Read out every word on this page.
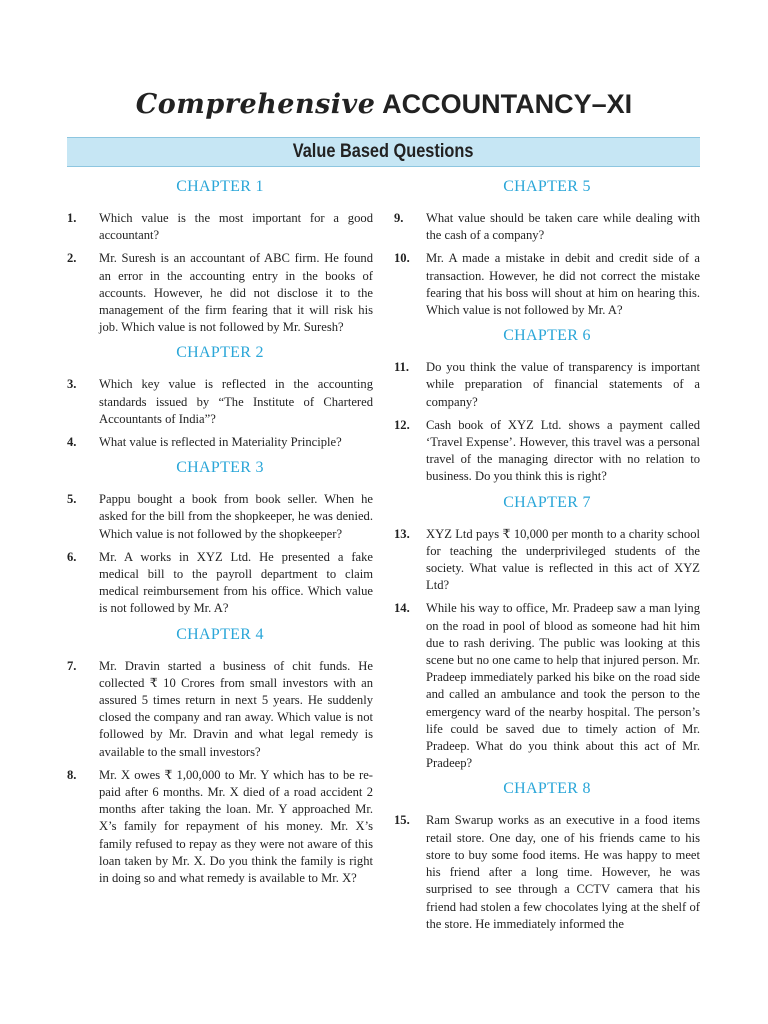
Comprehensive ACCOUNTANCY–XI
Value Based Questions
CHAPTER 1
1.	Which value is the most important for a good accountant?
2.	Mr. Suresh is an accountant of ABC firm. He found an error in the accounting entry in the books of accounts. However, he did not disclose it to the management of the firm fearing that it will risk his job. Which value is not followed by Mr. Suresh?
CHAPTER 2
3.	Which key value is reflected in the accounting standards issued by “The Institute of Chartered Accountants of India”?
4.	What value is reflected in Materiality Principle?
CHAPTER 3
5.	Pappu bought a book from book seller. When he asked for the bill from the shopkeeper, he was denied. Which value is not followed by the shopkeeper?
6.	Mr. A works in XYZ Ltd. He presented a fake medical bill to the payroll department to claim medical reimbursement from his office. Which value is not followed by Mr. A?
CHAPTER 4
7.	Mr. Dravin started a business of chit funds. He collected ₹ 10 Crores from small investors with an assured 5 times return in next 5 years. He suddenly closed the company and ran away. Which value is not followed by Mr. Dravin and what legal remedy is available to the small investors?
8.	Mr. X owes ₹ 1,00,000 to Mr. Y which has to be re-paid after 6 months. Mr. X died of a road accident 2 months after taking the loan. Mr. Y approached Mr. X’s family for repayment of his money. Mr. X’s family refused to repay as they were not aware of this loan taken by Mr. X. Do you think the family is right in doing so and what remedy is available to Mr. X?
CHAPTER 5
9.	What value should be taken care while dealing with the cash of a company?
10.	Mr. A made a mistake in debit and credit side of a transaction. However, he did not correct the mistake fearing that his boss will shout at him on hearing this. Which value is not followed by Mr. A?
CHAPTER 6
11.	Do you think the value of transparency is important while preparation of financial statements of a company?
12.	Cash book of XYZ Ltd. shows a payment called ‘Travel Expense’. However, this travel was a personal travel of the managing director with no relation to business. Do you think this is right?
CHAPTER 7
13.	XYZ Ltd pays ₹ 10,000 per month to a charity school for teaching the underprivileged students of the society. What value is reflected in this act of XYZ Ltd?
14.	While his way to office, Mr. Pradeep saw a man lying on the road in pool of blood as someone had hit him due to rash deriving. The public was looking at this scene but no one came to help that injured person. Mr. Pradeep immediately parked his bike on the road side and called an ambulance and took the person to the emergency ward of the nearby hospital. The person’s life could be saved due to timely action of Mr. Pradeep. What do you think about this act of Mr. Pradeep?
CHAPTER 8
15.	Ram Swarup works as an executive in a food items retail store. One day, one of his friends came to his store to buy some food items. He was happy to meet his friend after a long time. However, he was surprised to see through a CCTV camera that his friend had stolen a few chocolates lying at the shelf of the store. He immediately informed the
